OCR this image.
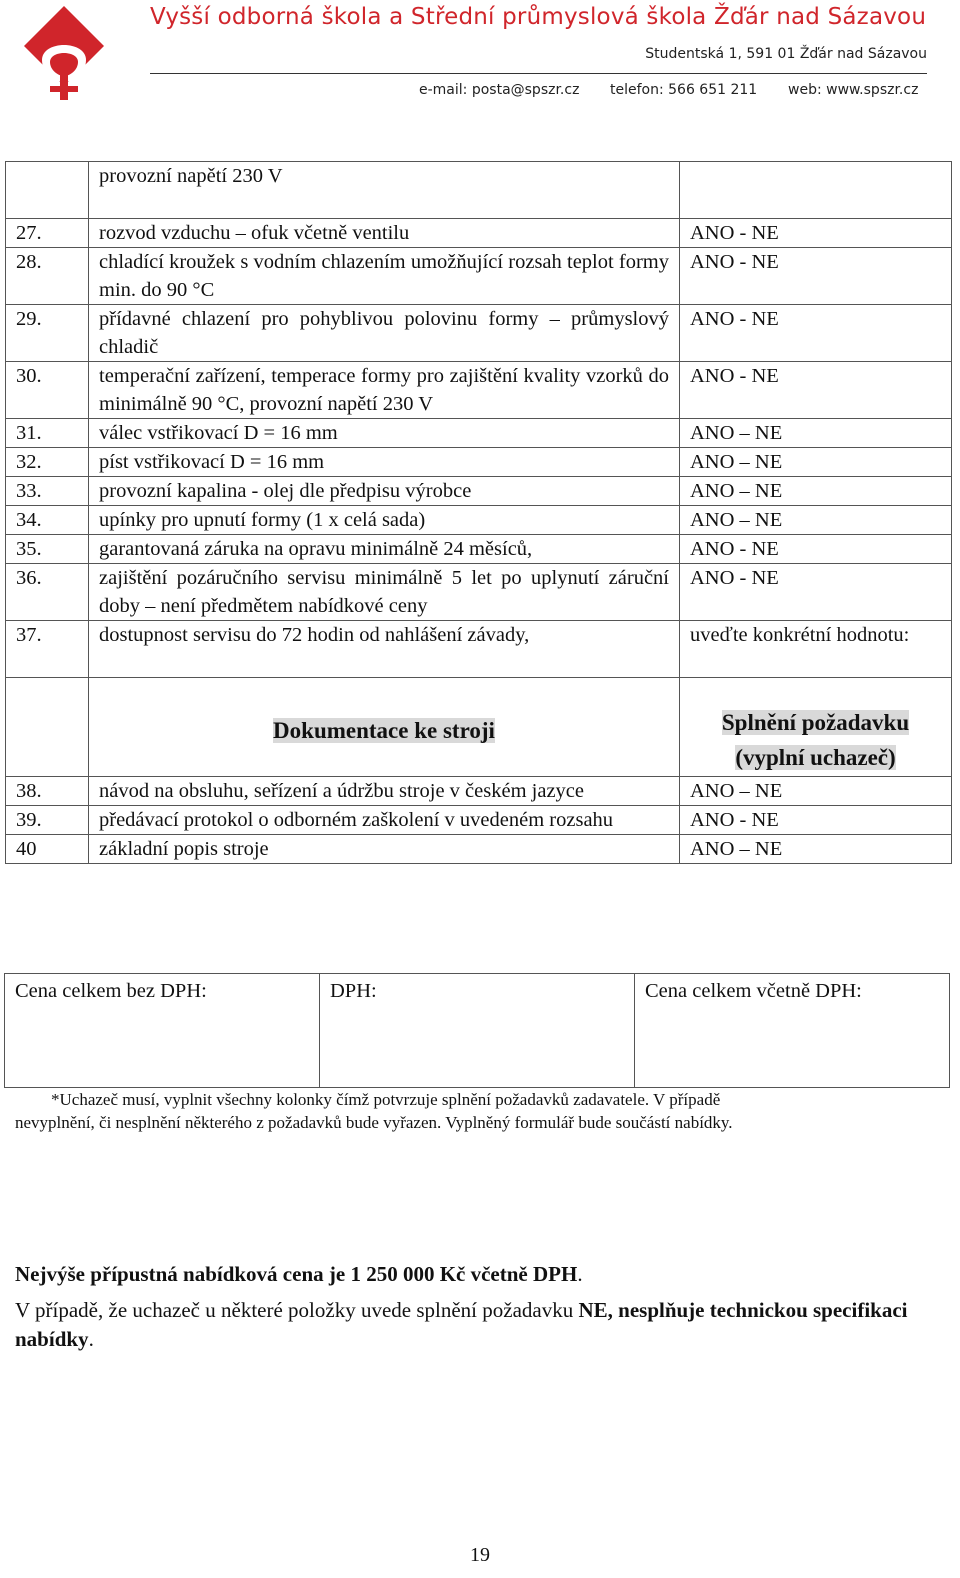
Vyšší odborná škola a Střední průmyslová škola Žďár nad Sázavou
Studentská 1, 591 01 Žďár nad Sázavou
e-mail: posta@spszr.cz telefon: 566 651 211 web: www.spszr.cz
	provozní napětí 230 V	
27.	rozvod vzduchu – ofuk včetně ventilu	ANO - NE
28.	chladící kroužek s vodním chlazením umožňující rozsah teplot formy min. do 90 °C	ANO - NE
29.	přídavné chlazení pro pohyblivou polovinu formy – průmyslový chladič	ANO - NE
30.	temperační zařízení, temperace formy pro zajištění kvality vzorků do minimálně 90 °C, provozní napětí 230 V	ANO - NE
31.	válec vstřikovací D = 16 mm	ANO – NE
32.	píst vstřikovací D = 16 mm	ANO – NE
33.	provozní kapalina - olej dle předpisu výrobce	ANO – NE
34.	upínky pro upnutí formy (1 x celá sada)	ANO – NE
35.	garantovaná záruka na opravu minimálně 24 měsíců,	ANO - NE
36.	zajištění pozáručního servisu minimálně 5 let po uplynutí záruční doby – není předmětem nabídkové ceny	ANO - NE
37.	dostupnost servisu do 72 hodin od nahlášení závady,	uveďte konkrétní hodnotu:

	Dokumentace ke stroji	Splnění požadavku (vyplní uchazeč)

38.	návod na obsluhu, seřízení a údržbu stroje v českém jazyce	ANO – NE
39.	předávací protokol o odborném zaškolení v uvedeném rozsahu	ANO - NE
40	základní popis stroje	ANO – NE
Cena celkem bez DPH:	DPH:	Cena celkem včetně DPH:

*Uchazeč musí, vyplnit všechny kolonky čímž potvrzuje splnění požadavků zadavatele. V případě

nevyplnění, či nesplnění některého z požadavků bude vyřazen. Vyplněný formulář bude součástí nabídky.

Nejvýše přípustná nabídková cena je 1 250 000 Kč včetně DPH.
V případě, že uchazeč u některé položky uvede splnění požadavku NE, nesplňuje technickou specifikaci nabídky.
19
